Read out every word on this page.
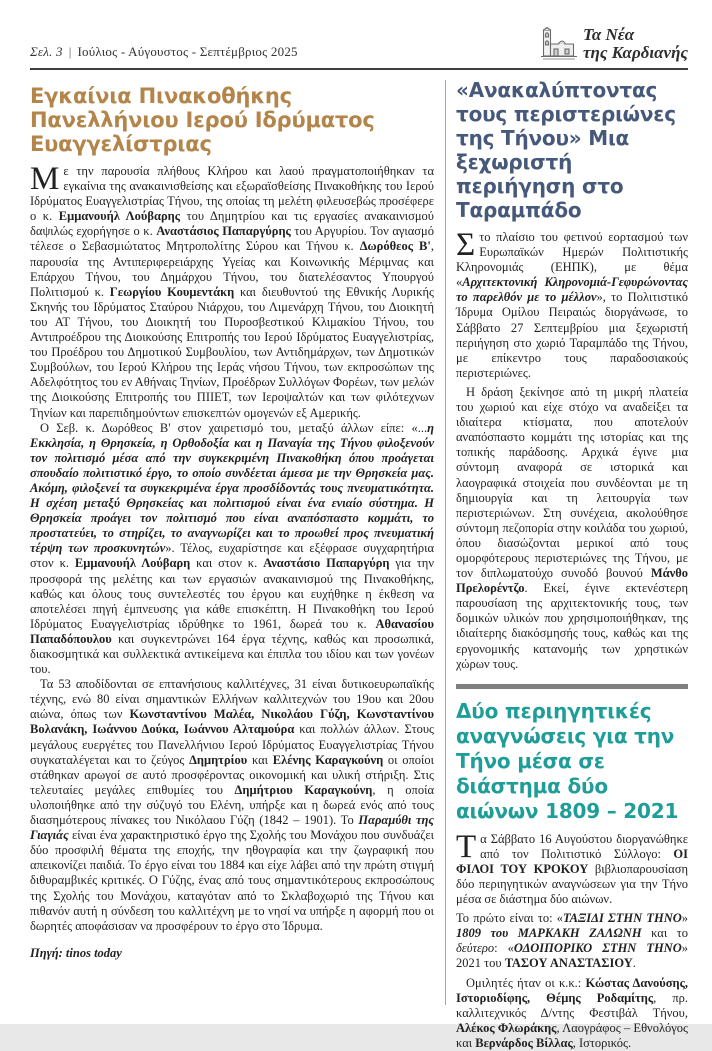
Σελ. 3 | Ιούλιος - Αύγουστος - Σεπτέμβριος 2025
Τα Νέα
της Καρδιανής
Εγκαίνια Πινακοθήκης Πανελλήνιου Ιερού Ιδρύματος Ευαγγελίστριας

Με την παρουσία πλήθους Κλήρου και λαού πραγματοποιήθηκαν τα εγκαίνια της ανακαινισθείσης και εξωραϊσθείσης Πινακοθήκης του Ιερού Ιδρύματος Ευαγγελιστρίας Τήνου, της οποίας τη μελέτη φιλευσεβώς προσέφερε ο κ. Εμμανουήλ Λούβαρης του Δημητρίου και τις εργασίες ανακαινισμού δαψιλώς εχορήγησε ο κ. Αναστάσιος Παπαργύρης του Αργυρίου. Τον αγιασμό τέλεσε ο Σεβασμιώτατος Μητροπολίτης Σύρου και Τήνου κ. Δωρόθεος Β', παρουσία της Αντιπεριφερειάρχης Υγείας και Κοινωνικής Μέριμνας και Επάρχου Τήνου, του Δημάρχου Τήνου, του διατελέσαντος Υπουργού Πολιτισμού κ. Γεωργίου Κουμεντάκη και διευθυντού της Εθνικής Λυρικής Σκηνής του Ιδρύματος Σταύρου Νιάρχου, του Λιμενάρχη Τήνου, του Διοικητή του ΑΤ Τήνου, του Διοικητή του Πυροσβεστικού Κλιμακίου Τήνου, του Αντιπροέδρου της Διοικούσης Επιτροπής του Ιερού Ιδρύματος Ευαγγελιστρίας, του Προέδρου του Δημοτικού Συμβουλίου, των Αντιδημάρχων, των Δημοτικών Συμβούλων, του Ιερού Κλήρου της Ιεράς νήσου Τήνου, των εκπροσώπων της Αδελφότητος του εν Αθήναις Τηνίων, Προέδρων Συλλόγων Φορέων, των μελών της Διοικούσης Επιτροπής του ΠΙΙΕΤ, των Ιεροψαλτών και των φιλότεχνων Τηνίων και παρεπιδημούντων επισκεπτών ομογενών εξ Αμερικής.

Ο Σεβ. κ. Δωρόθεος Β' στον χαιρετισμό του, μεταξύ άλλων είπε: «...η Εκκλησία, η Θρησκεία, η Ορθοδοξία και η Παναγία της Τήνου φιλοξενούν τον πολιτισμό μέσα από την συγκεκριμένη Πινακοθήκη όπου προάγεται σπουδαίο πολιτιστικό έργο, το οποίο συνδέεται άμεσα με την Θρησκεία μας. Ακόμη, φιλοξενεί τα συγκεκριμένα έργα προσδίδοντάς τους πνευματικότητα. Η σχέση μεταξύ Θρησκείας και πολιτισμού είναι ένα ενιαίο σύστημα. Η Θρησκεία προάγει τον πολιτισμό που είναι αναπόσπαστο κομμάτι, το προστατεύει, το στηρίζει, το αναγνωρίζει και το προωθεί προς πνευματική τέρψη των προσκυνητών». Τέλος, ευχαρίστησε και εξέφρασε συγχαρητήρια στον κ. Εμμανουήλ Λούβαρη και στον κ. Αναστάσιο Παπαργύρη για την προσφορά της μελέτης και των εργασιών ανακαινισμού της Πινακοθήκης, καθώς και όλους τους συντελεστές του έργου και ευχήθηκε η έκθεση να αποτελέσει πηγή έμπνευσης για κάθε επισκέπτη. Η Πινακοθήκη του Ιερού Ιδρύματος Ευαγγελιστρίας ιδρύθηκε το 1961, δωρεά του κ. Αθανασίου Παπαδόπουλου και συγκεντρώνει 164 έργα τέχνης, καθώς και προσωπικά, διακοσμητικά και συλλεκτικά αντικείμενα και έπιπλα του ιδίου και των γονέων του.

Τα 53 αποδίδονται σε επτανήσιους καλλιτέχνες, 31 είναι δυτικοευρωπαϊκής τέχνης, ενώ 80 είναι σημαντικών Ελλήνων καλλιτεχνών του 19ου και 20ου αιώνα, όπως των Κωνσταντίνου Μαλέα, Νικολάου Γύζη, Κωνσταντίνου Βολανάκη, Ιωάννου Δούκα, Ιωάννου Αλταμούρα και πολλών άλλων. Στους μεγάλους ευεργέτες του Πανελλήνιου Ιερού Ιδρύματος Ευαγγελιστρίας Τήνου συγκαταλέγεται και το ζεύγος Δημητρίου και Ελένης Καραγκούνη οι οποίοι στάθηκαν αρωγοί σε αυτό προσφέροντας οικονομική και υλική στήριξη. Στις τελευταίες μεγάλες επιθυμίες του Δημήτριου Καραγκούνη, η οποία υλοποιήθηκε από την σύζυγό του Ελένη, υπήρξε και η δωρεά ενός από τους διασημότερους πίνακες του Νικόλαου Γύζη (1842 – 1901). Το Παραμύθι της Γιαγιάς είναι ένα χαρακτηριστικό έργο της Σχολής του Μονάχου που συνδυάζει δύο προσφιλή θέματα της εποχής, την ηθογραφία και την ζωγραφική που απεικονίζει παιδιά. Το έργο είναι του 1884 και είχε λάβει από την πρώτη στιγμή διθυραμβικές κριτικές. Ο Γύζης, ένας από τους σημαντικότερους εκπροσώπους της Σχολής του Μονάχου, καταγόταν από το Σκλαβοχωριό της Τήνου και πιθανόν αυτή η σύνδεση του καλλιτέχνη με το νησί να υπήρξε η αφορμή που οι δωρητές αποφάσισαν να προσφέρουν το έργο στο Ίδρυμα.

Πηγή: tinos today

«Ανακαλύπτοντας τους περιστεριώνες της Τήνου» Μια ξεχωριστή περιήγηση στο Ταραμπάδο

Στο πλαίσιο του φετινού εορτασμού των Ευρωπαϊκών Ημερών Πολιτιστικής Κληρονομιάς (ΕΗΠΚ), με θέμα «Αρχιτεκτονική Κληρονομιά-Γεφυρώνοντας το παρελθόν με το μέλλον», το Πολιτιστικό Ίδρυμα Ομίλου Πειραιώς διοργάνωσε, το Σάββατο 27 Σεπτεμβρίου μια ξεχωριστή περιήγηση στο χωριό Ταραμπάδο της Τήνου, με επίκεντρο τους παραδοσιακούς περιστεριώνες.

Η δράση ξεκίνησε από τη μικρή πλατεία του χωριού και είχε στόχο να αναδείξει τα ιδιαίτερα κτίσματα, που αποτελούν αναπόσπαστο κομμάτι της ιστορίας και της τοπικής παράδοσης. Αρχικά έγινε μια σύντομη αναφορά σε ιστορικά και λαογραφικά στοιχεία που συνδέονται με τη δημιουργία και τη λειτουργία των περιστεριώνων. Στη συνέχεια, ακολούθησε σύντομη πεζοπορία στην κοιλάδα του χωριού, όπου διασώζονται μερικοί από τους ομορφότερους περιστεριώνες της Τήνου, με τον διπλωματούχο συνοδό βουνού Μάνθο Πρελορέντζο. Εκεί, έγινε εκτενέστερη παρουσίαση της αρχιτεκτονικής τους, των δομικών υλικών που χρησιμοποιήθηκαν, της ιδιαίτερης διακόσμησής τους, καθώς και της εργονομικής κατανομής των χρηστικών χώρων τους.

Δύο περιηγητικές αναγνώσεις για την Τήνο μέσα σε διάστημα δύο αιώνων 1809 – 2021

Τα Σάββατο 16 Αυγούστου διοργανώθηκε από τον Πολιτιστικό Σύλλογο: ΟΙ ΦΙΛΟΙ ΤΟΥ ΚΡΟΚΟΥ βιβλιοπαρουσίαση δύο περιηγητικών αναγνώσεων για την Τήνο μέσα σε διάστημα δύο αιώνων.

Το πρώτο είναι το: «ΤΑΞΙΔΙ ΣΤΗΝ ΤΗΝΟ» 1809 του ΜΑΡΚΑΚΗ ΖΑΛΩΝΗ και το δεύτερο: «ΟΔΟΙΠΟΡΙΚΟ ΣΤΗΝ ΤΗΝΟ» 2021 του ΤΑΣΟΥ ΑΝΑΣΤΑΣΙΟΥ.

Ομιλητές ήταν οι κ.κ.: Κώστας Δανούσης, Ιστοριοδίφης, Θέμης Ροδαμίτης, πρ. καλλιτεχνικός Δ/ντης Φεστιβάλ Τήνου, Αλέκος Φλωράκης, Λαογράφος – Εθνολόγος και Βερνάρδος Βίλλας, Ιστορικός.
